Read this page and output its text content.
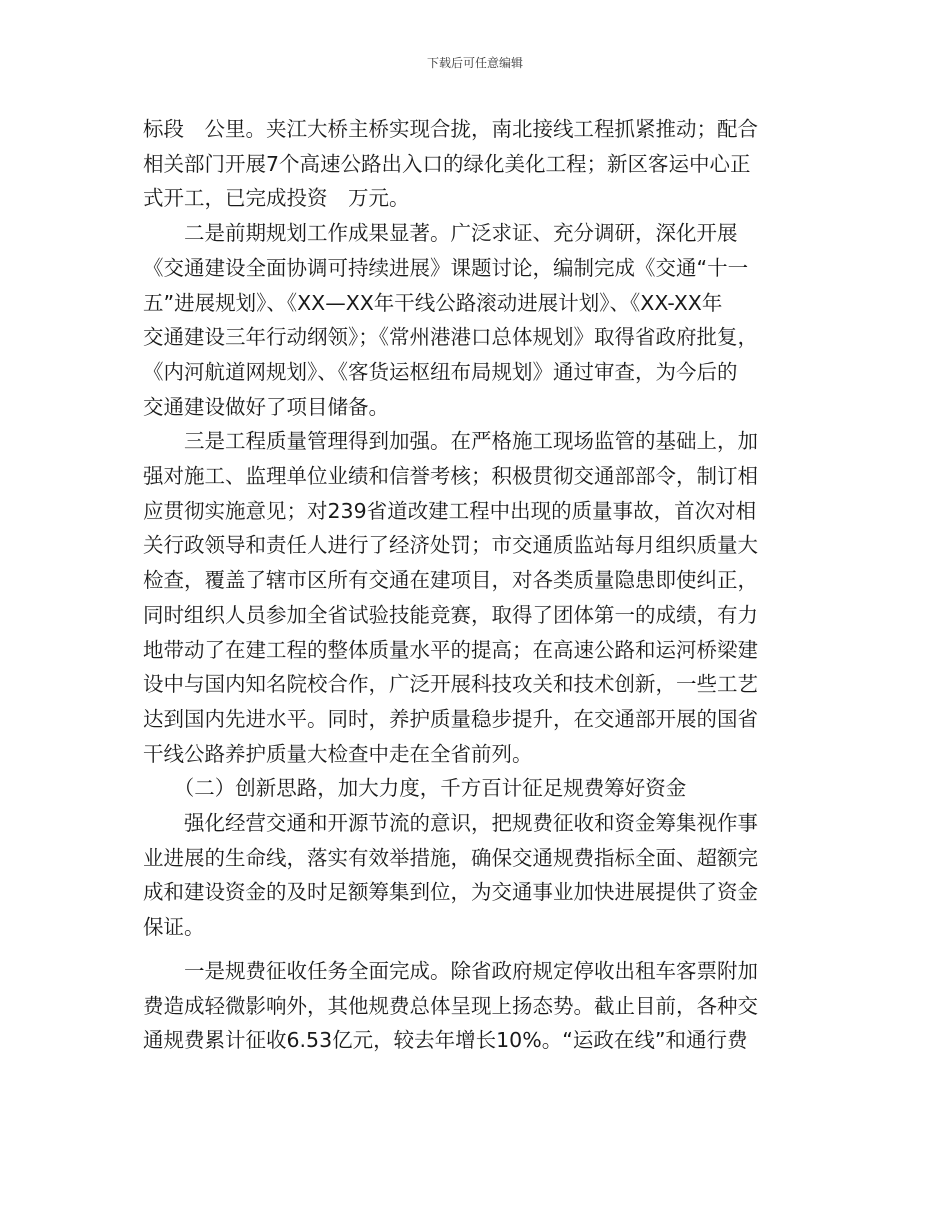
下载后可任意编辑

标段　公里。夹江大桥主桥实现合拢，南北接线工程抓紧推动；配合

相关部门开展7个高速公路出入口的绿化美化工程；新区客运中心正

式开工，已完成投资　万元。

　　二是前期规划工作成果显著。广泛求证、充分调研，深化开展

《交通建设全面协调可持续进展》课题讨论，编制完成《交通“十一

五”进展规划》、《XX—XX年干线公路滚动进展计划》、《XX-XX年

交通建设三年行动纲领》；《常州港港口总体规划》取得省政府批复，

《内河航道网规划》、《客货运枢纽布局规划》通过审查，为今后的

交通建设做好了项目储备。

　　三是工程质量管理得到加强。在严格施工现场监管的基础上，加

强对施工、监理单位业绩和信誉考核；积极贯彻交通部部令，制订相

应贯彻实施意见；对239省道改建工程中出现的质量事故，首次对相

关行政领导和责任人进行了经济处罚；市交通质监站每月组织质量大

检查，覆盖了辖市区所有交通在建项目，对各类质量隐患即使纠正，

同时组织人员参加全省试验技能竞赛，取得了团体第一的成绩，有力

地带动了在建工程的整体质量水平的提高；在高速公路和运河桥梁建

设中与国内知名院校合作，广泛开展科技攻关和技术创新，一些工艺

达到国内先进水平。同时，养护质量稳步提升，在交通部开展的国省

干线公路养护质量大检查中走在全省前列。

　　（二）创新思路，加大力度，千方百计征足规费筹好资金

　　强化经营交通和开源节流的意识，把规费征收和资金筹集视作事

业进展的生命线，落实有效举措施，确保交通规费指标全面、超额完

成和建设资金的及时足额筹集到位，为交通事业加快进展提供了资金

保证。

　　一是规费征收任务全面完成。除省政府规定停收出租车客票附加

费造成轻微影响外，其他规费总体呈现上扬态势。截止目前，各种交

通规费累计征收6.53亿元，较去年增长10%。“运政在线”和通行费
